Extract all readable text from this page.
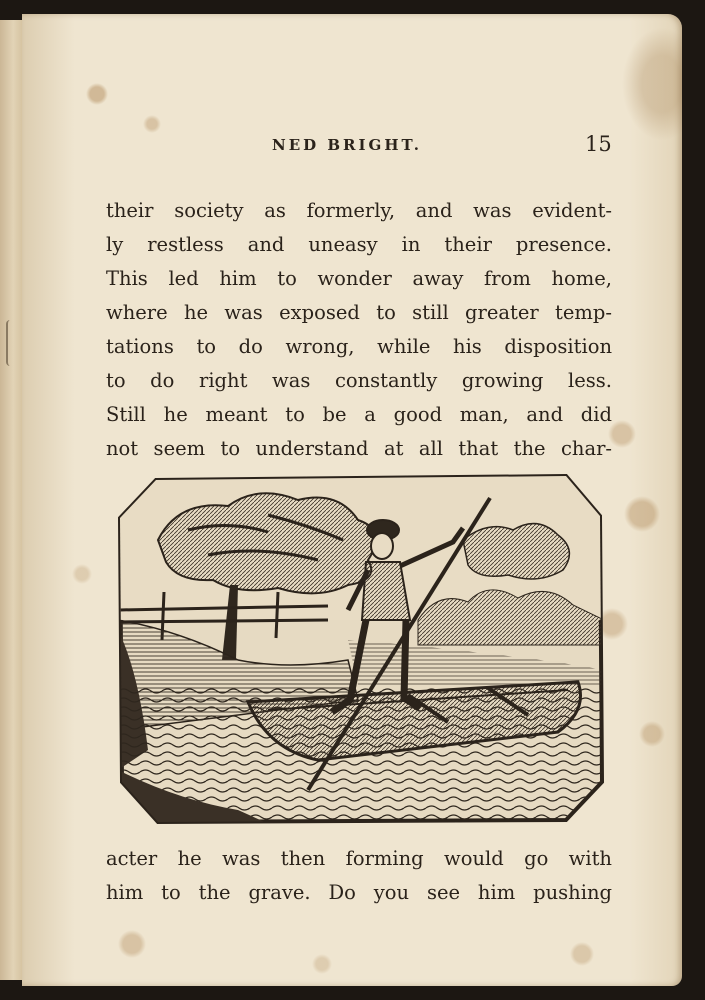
NED BRIGHT.	15
their society as formerly, and was evident-
ly restless and uneasy in their presence.
This led him to wonder away from home,
where he was exposed to still greater temp-
tations to do wrong, while his disposition
to do right was constantly growing less.
Still he meant to be a good man, and did
not seem to understand at all that the char-
acter he was then forming would go with
him to the grave. Do you see him pushing
